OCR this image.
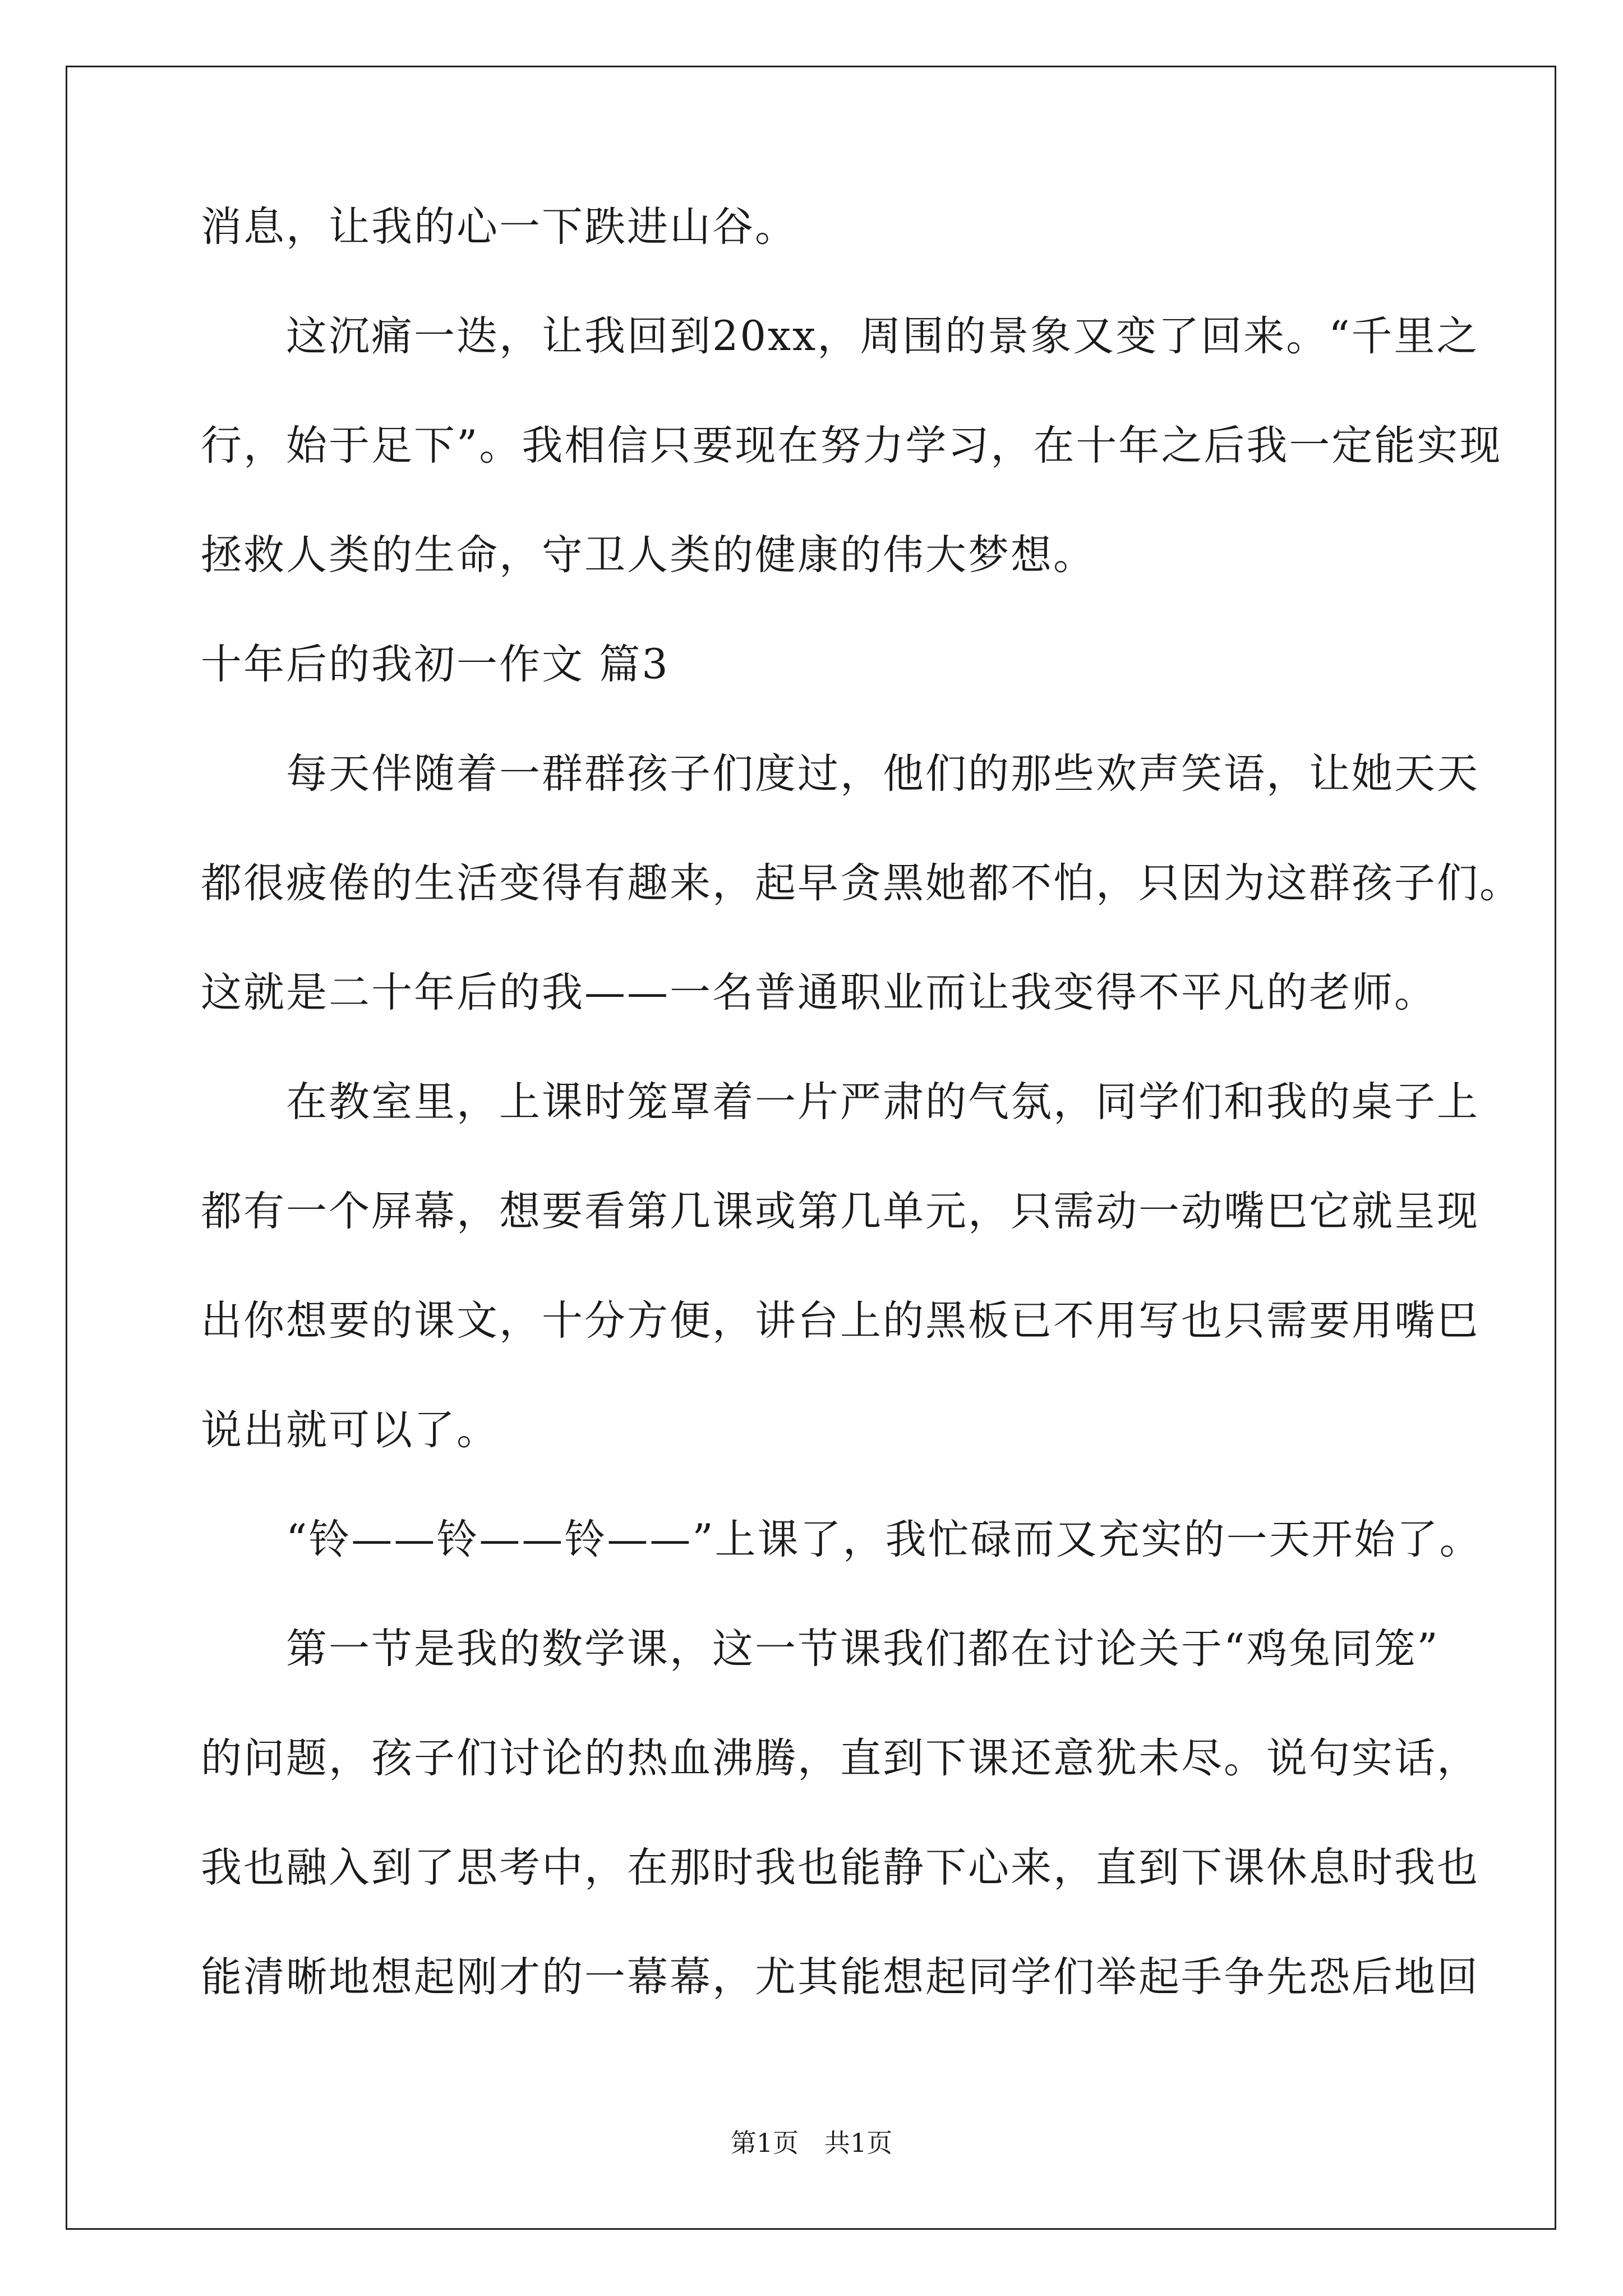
消息，让我的心一下跌进山谷。
　　这沉痛一迭，让我回到20xx，周围的景象又变了回来。“千里之
行，始于足下”。我相信只要现在努力学习，在十年之后我一定能实现
拯救人类的生命，守卫人类的健康的伟大梦想。
十年后的我初一作文 篇3
　　每天伴随着一群群孩子们度过，他们的那些欢声笑语，让她天天
都很疲倦的生活变得有趣来，起早贪黑她都不怕，只因为这群孩子们。
这就是二十年后的我——一名普通职业而让我变得不平凡的老师。
　　在教室里，上课时笼罩着一片严肃的气氛，同学们和我的桌子上
都有一个屏幕，想要看第几课或第几单元，只需动一动嘴巴它就呈现
出你想要的课文，十分方便，讲台上的黑板已不用写也只需要用嘴巴
说出就可以了。
　　“铃——铃——铃——”上课了，我忙碌而又充实的一天开始了。
　　第一节是我的数学课，这一节课我们都在讨论关于“鸡兔同笼”
的问题，孩子们讨论的热血沸腾，直到下课还意犹未尽。说句实话，
我也融入到了思考中，在那时我也能静下心来，直到下课休息时我也
能清晰地想起刚才的一幕幕，尤其能想起同学们举起手争先恐后地回
第1页　共1页
